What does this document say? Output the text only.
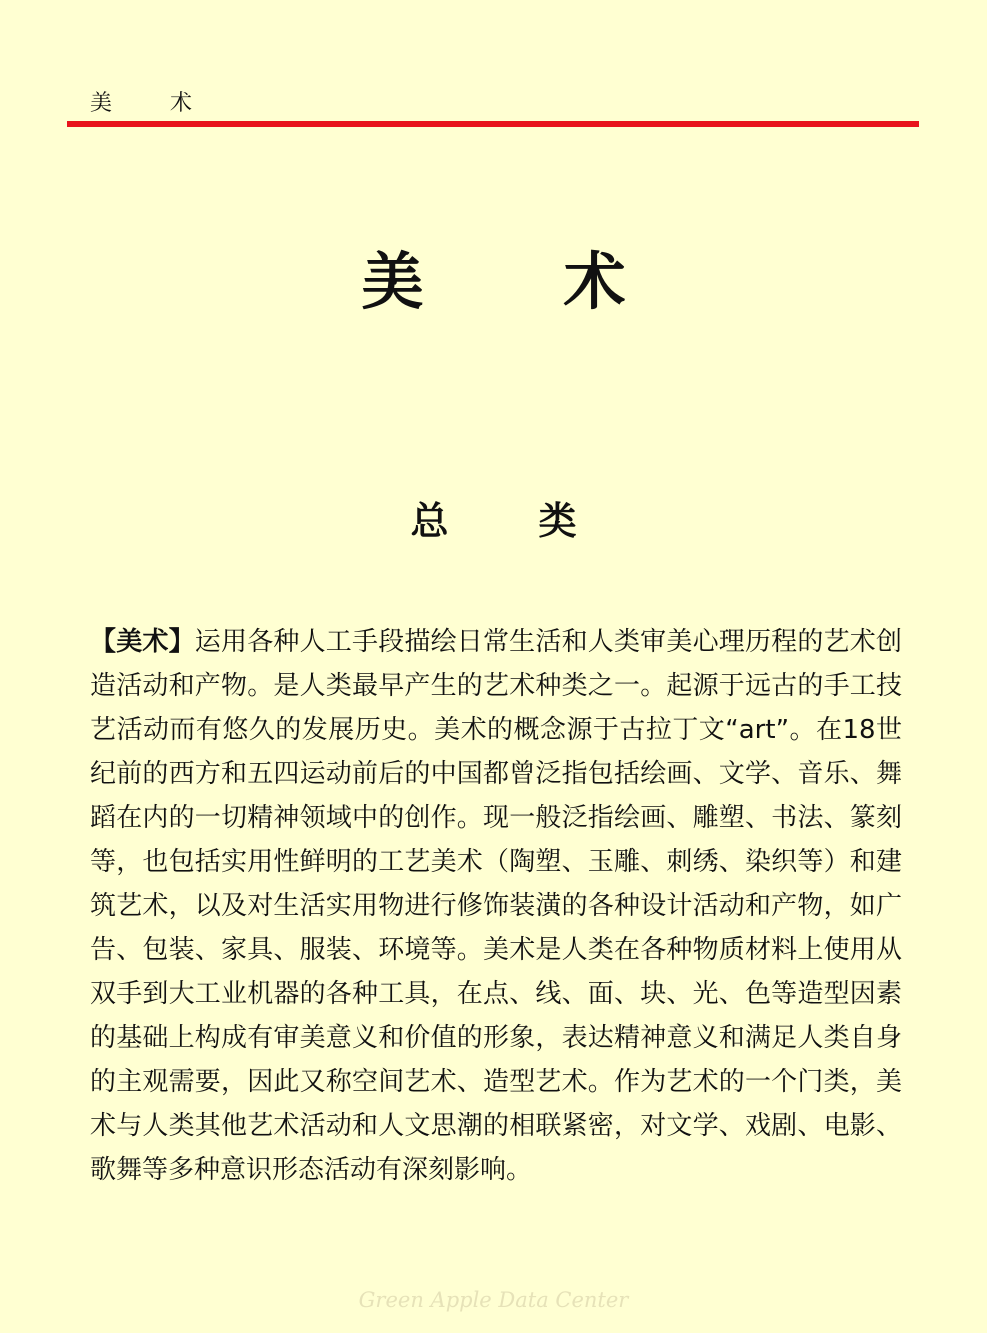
美	术
美 术
总 类

【美术】运用各种人工手段描绘日常生活和人类审美心理历程的艺术创造活动和产物。是人类最早产生的艺术种类之一。起源于远古的手工技艺活动而有悠久的发展历史。美术的概念源于古拉丁文“art”。在18世纪前的西方和五四运动前后的中国都曾泛指包括绘画、文学、音乐、舞蹈在内的一切精神领域中的创作。现一般泛指绘画、雕塑、书法、篆刻等，也包括实用性鲜明的工艺美术（陶塑、玉雕、刺绣、染织等）和建筑艺术，以及对生活实用物进行修饰装潢的各种设计活动和产物，如广告、包装、家具、服装、环境等。美术是人类在各种物质材料上使用从双手到大工业机器的各种工具，在点、线、面、块、光、色等造型因素的基础上构成有审美意义和价值的形象，表达精神意义和满足人类自身的主观需要，因此又称空间艺术、造型艺术。作为艺术的一个门类，美术与人类其他艺术活动和人文思潮的相联紧密，对文学、戏剧、电影、歌舞等多种意识形态活动有深刻影响。

Green Apple Data Center
